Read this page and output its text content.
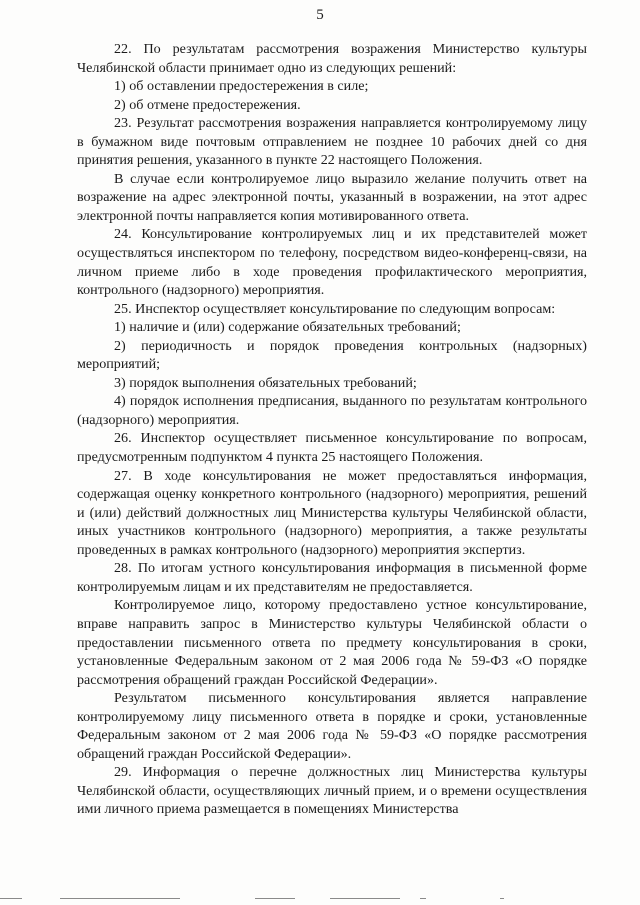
5

22. По результатам рассмотрения возражения Министерство культуры Челябинской области принимает одно из следующих решений:

1) об оставлении предостережения в силе;

2) об отмене предостережения.

23. Результат рассмотрения возражения направляется контролируемому лицу в бумажном виде почтовым отправлением не позднее 10 рабочих дней со дня принятия решения, указанного в пункте 22 настоящего Положения.

В случае если контролируемое лицо выразило желание получить ответ на возражение на адрес электронной почты, указанный в возражении, на этот адрес электронной почты направляется копия мотивированного ответа.

24. Консультирование контролируемых лиц и их представителей может осуществляться инспектором по телефону, посредством видео-конференц-связи, на личном приеме либо в ходе проведения профилактического мероприятия, контрольного (надзорного) мероприятия.

25. Инспектор осуществляет консультирование по следующим вопросам:

1) наличие и (или) содержание обязательных требований;

2) периодичность и порядок проведения контрольных (надзорных) мероприятий;

3) порядок выполнения обязательных требований;

4) порядок исполнения предписания, выданного по результатам контрольного (надзорного) мероприятия.

26. Инспектор осуществляет письменное консультирование по вопросам, предусмотренным подпунктом 4 пункта 25 настоящего Положения.

27. В ходе консультирования не может предоставляться информация, содержащая оценку конкретного контрольного (надзорного) мероприятия, решений и (или) действий должностных лиц Министерства культуры Челябинской области, иных участников контрольного (надзорного) мероприятия, а также результаты проведенных в рамках контрольного (надзорного) мероприятия экспертиз.

28. По итогам устного консультирования информация в письменной форме контролируемым лицам и их представителям не предоставляется.

Контролируемое лицо, которому предоставлено устное консультирование, вправе направить запрос в Министерство культуры Челябинской области о предоставлении письменного ответа по предмету консультирования в сроки, установленные Федеральным законом от 2 мая 2006 года № 59-ФЗ «О порядке рассмотрения обращений граждан Российской Федерации».

Результатом письменного консультирования является направление контролируемому лицу письменного ответа в порядке и сроки, установленные Федеральным законом от 2 мая 2006 года № 59-ФЗ «О порядке рассмотрения обращений граждан Российской Федерации».

29. Информация о перечне должностных лиц Министерства культуры Челябинской области, осуществляющих личный прием, и о времени осуществления ими личного приема размещается в помещениях Министерства
